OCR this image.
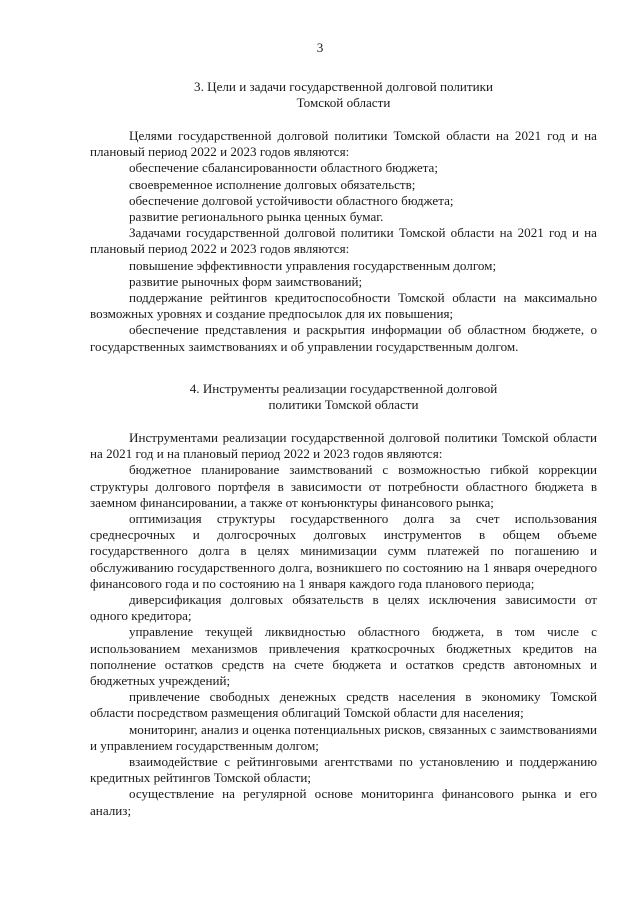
3
3. Цели и задачи государственной долговой политики
Томской области

Целями государственной долговой политики Томской области на 2021 год и на плановый период 2022 и 2023 годов являются:

обеспечение сбалансированности областного бюджета;

своевременное исполнение долговых обязательств;

обеспечение долговой устойчивости областного бюджета;

развитие регионального рынка ценных бумаг.

Задачами государственной долговой политики Томской области на 2021 год и на плановый период 2022 и 2023 годов являются:

повышение эффективности управления государственным долгом;

развитие рыночных форм заимствований;

поддержание рейтингов кредитоспособности Томской области на максимально возможных уровнях и создание предпосылок для их повышения;

обеспечение представления и раскрытия информации об областном бюджете, о государственных заимствованиях и об управлении государственным долгом.

4. Инструменты реализации государственной долговой
политики Томской области

Инструментами реализации государственной долговой политики Томской области на 2021 год и на плановый период 2022 и 2023 годов являются:

бюджетное планирование заимствований с возможностью гибкой коррекции структуры долгового портфеля в зависимости от потребности областного бюджета в заемном финансировании, а также от конъюнктуры финансового рынка;

оптимизация структуры государственного долга за счет использования среднесрочных и долгосрочных долговых инструментов в общем объеме государственного долга в целях минимизации сумм платежей по погашению и обслуживанию государственного долга, возникшего по состоянию на 1 января очередного финансового года и по состоянию на 1 января каждого года планового периода;

диверсификация долговых обязательств в целях исключения зависимости от одного кредитора;

управление текущей ликвидностью областного бюджета, в том числе с использованием механизмов привлечения краткосрочных бюджетных кредитов на пополнение остатков средств на счете бюджета и остатков средств автономных и бюджетных учреждений;

привлечение свободных денежных средств населения в экономику Томской области посредством размещения облигаций Томской области для населения;

мониторинг, анализ и оценка потенциальных рисков, связанных с заимствованиями и управлением государственным долгом;

взаимодействие с рейтинговыми агентствами по установлению и поддержанию кредитных рейтингов Томской области;

осуществление на регулярной основе мониторинга финансового рынка и его анализ;
